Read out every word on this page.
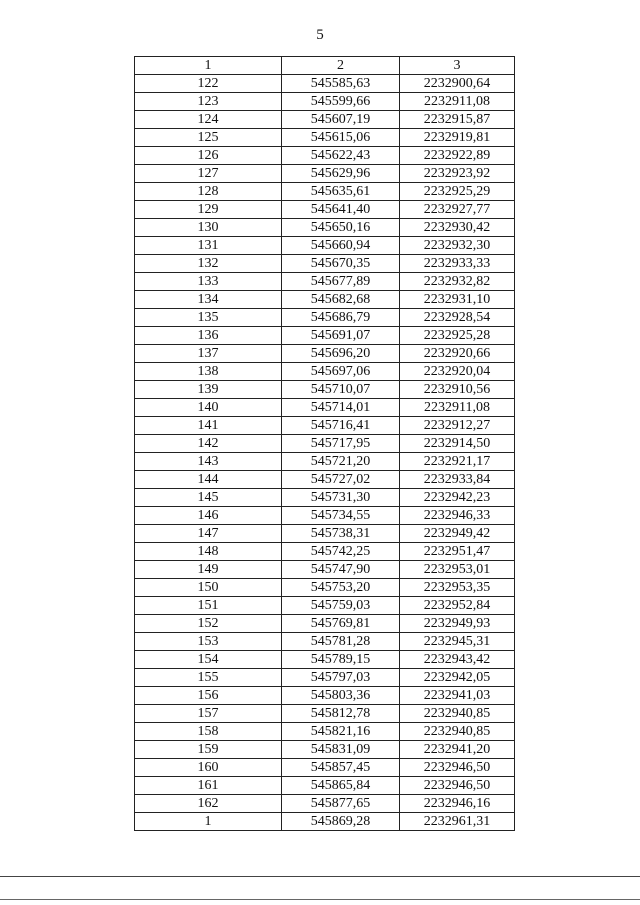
5
1	2	3
122	545585,63	2232900,64
123	545599,66	2232911,08
124	545607,19	2232915,87
125	545615,06	2232919,81
126	545622,43	2232922,89
127	545629,96	2232923,92
128	545635,61	2232925,29
129	545641,40	2232927,77
130	545650,16	2232930,42
131	545660,94	2232932,30
132	545670,35	2232933,33
133	545677,89	2232932,82
134	545682,68	2232931,10
135	545686,79	2232928,54
136	545691,07	2232925,28
137	545696,20	2232920,66
138	545697,06	2232920,04
139	545710,07	2232910,56
140	545714,01	2232911,08
141	545716,41	2232912,27
142	545717,95	2232914,50
143	545721,20	2232921,17
144	545727,02	2232933,84
145	545731,30	2232942,23
146	545734,55	2232946,33
147	545738,31	2232949,42
148	545742,25	2232951,47
149	545747,90	2232953,01
150	545753,20	2232953,35
151	545759,03	2232952,84
152	545769,81	2232949,93
153	545781,28	2232945,31
154	545789,15	2232943,42
155	545797,03	2232942,05
156	545803,36	2232941,03
157	545812,78	2232940,85
158	545821,16	2232940,85
159	545831,09	2232941,20
160	545857,45	2232946,50
161	545865,84	2232946,50
162	545877,65	2232946,16
1	545869,28	2232961,31
